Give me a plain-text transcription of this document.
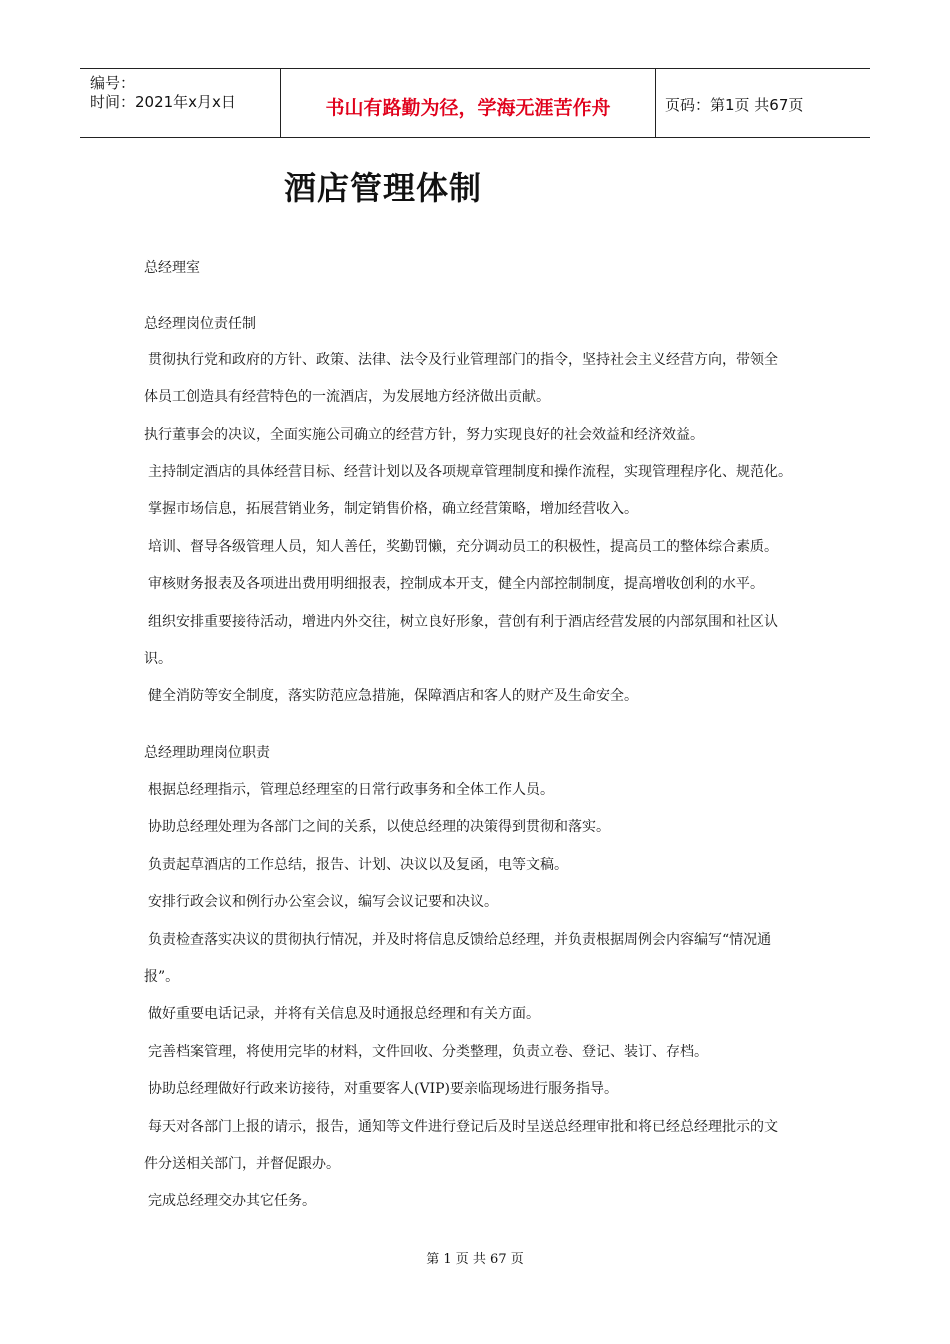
编号：
时间：2021年x月x日	书山有路勤为径，学海无涯苦作舟	页码：第1页 共67页
酒店管理体制
总经理室
总经理岗位责任制
贯彻执行党和政府的方针、政策、法律、法令及行业管理部门的指令，坚持社会主义经营方向，带领全
体员工创造具有经营特色的一流酒店，为发展地方经济做出贡献。
执行董事会的决议，全面实施公司确立的经营方针，努力实现良好的社会效益和经济效益。
主持制定酒店的具体经营目标、经营计划以及各项规章管理制度和操作流程，实现管理程序化、规范化。
掌握市场信息，拓展营销业务，制定销售价格，确立经营策略，增加经营收入。
培训、督导各级管理人员，知人善任，奖勤罚懒，充分调动员工的积极性，提高员工的整体综合素质。
审核财务报表及各项进出费用明细报表，控制成本开支，健全内部控制制度，提高增收创利的水平。
组织安排重要接待活动，增进内外交往，树立良好形象，营创有利于酒店经营发展的内部氛围和社区认
识。
健全消防等安全制度，落实防范应急措施，保障酒店和客人的财产及生命安全。
总经理助理岗位职责
根据总经理指示，管理总经理室的日常行政事务和全体工作人员。
协助总经理处理为各部门之间的关系，以使总经理的决策得到贯彻和落实。
负责起草酒店的工作总结，报告、计划、决议以及复函，电等文稿。
安排行政会议和例行办公室会议，编写会议记要和决议。
负责检查落实决议的贯彻执行情况，并及时将信息反馈给总经理，并负责根据周例会内容编写“情况通
报”。
做好重要电话记录，并将有关信息及时通报总经理和有关方面。
完善档案管理，将使用完毕的材料，文件回收、分类整理，负责立卷、登记、装订、存档。
协助总经理做好行政来访接待，对重要客人(VIP)要亲临现场进行服务指导。
每天对各部门上报的请示，报告，通知等文件进行登记后及时呈送总经理审批和将已经总经理批示的文
件分送相关部门，并督促跟办。
完成总经理交办其它任务。
第 1 页 共 67 页
